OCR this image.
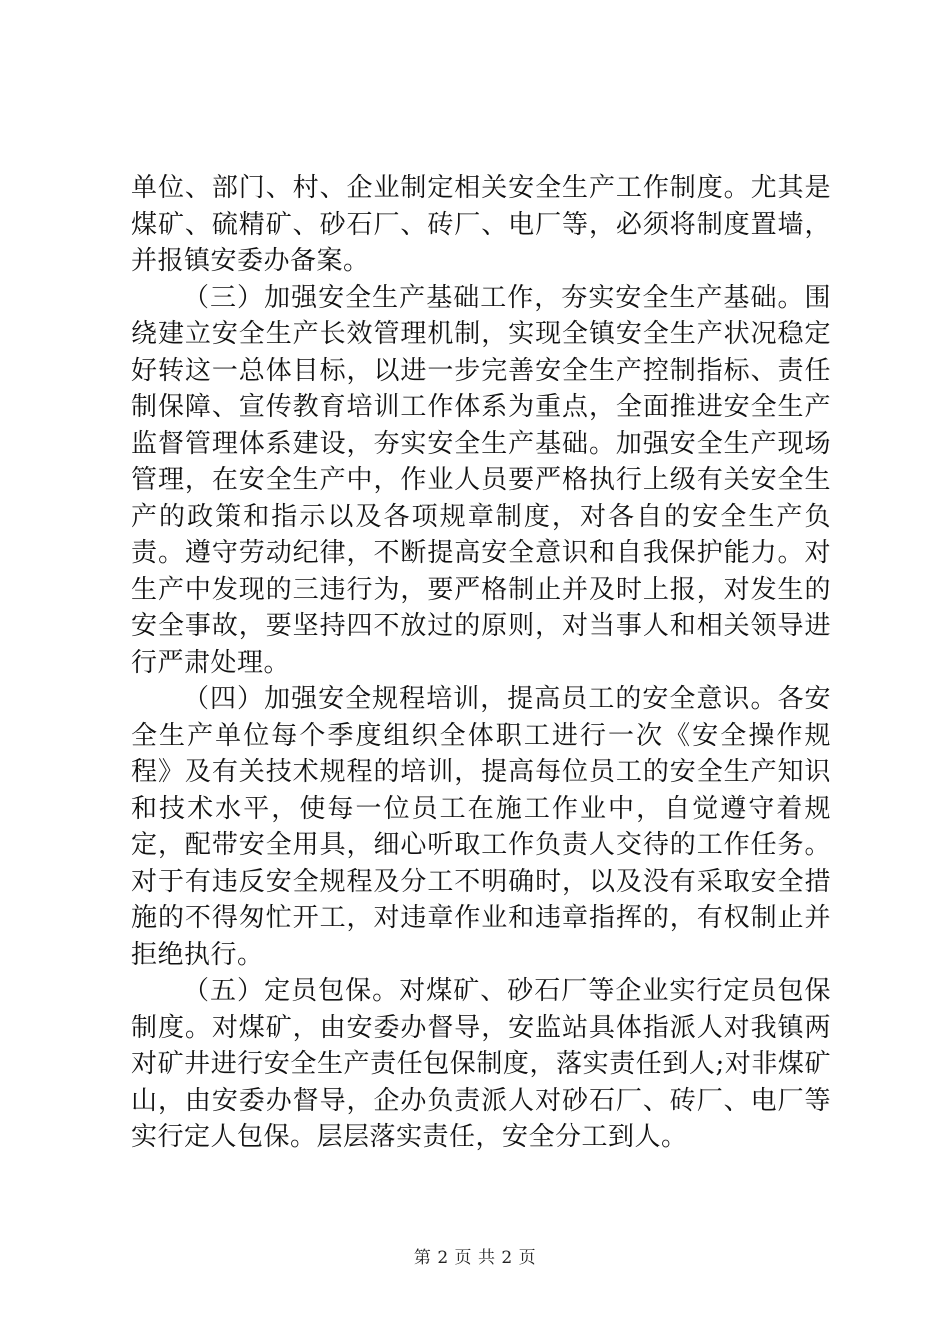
单位、部门、村、企业制定相关安全生产工作制度。尤其是煤矿、硫精矿、砂石厂、砖厂、电厂等，必须将制度置墙，并报镇安委办备案。

（三）加强安全生产基础工作，夯实安全生产基础。围绕建立安全生产长效管理机制，实现全镇安全生产状况稳定好转这一总体目标，以进一步完善安全生产控制指标、责任制保障、宣传教育培训工作体系为重点，全面推进安全生产监督管理体系建设，夯实安全生产基础。加强安全生产现场管理，在安全生产中，作业人员要严格执行上级有关安全生产的政策和指示以及各项规章制度，对各自的安全生产负责。遵守劳动纪律，不断提高安全意识和自我保护能力。对生产中发现的三违行为，要严格制止并及时上报，对发生的安全事故，要坚持四不放过的原则，对当事人和相关领导进行严肃处理。

（四）加强安全规程培训，提高员工的安全意识。各安全生产单位每个季度组织全体职工进行一次《安全操作规程》及有关技术规程的培训，提高每位员工的安全生产知识和技术水平，使每一位员工在施工作业中，自觉遵守着规定，配带安全用具，细心听取工作负责人交待的工作任务。对于有违反安全规程及分工不明确时，以及没有采取安全措施的不得匆忙开工，对违章作业和违章指挥的，有权制止并拒绝执行。

（五）定员包保。对煤矿、砂石厂等企业实行定员包保制度。对煤矿，由安委办督导，安监站具体指派人对我镇两对矿井进行安全生产责任包保制度，落实责任到人;对非煤矿山，由安委办督导，企办负责派人对砂石厂、砖厂、电厂等实行定人包保。层层落实责任，安全分工到人。

第 2 页 共 2 页
